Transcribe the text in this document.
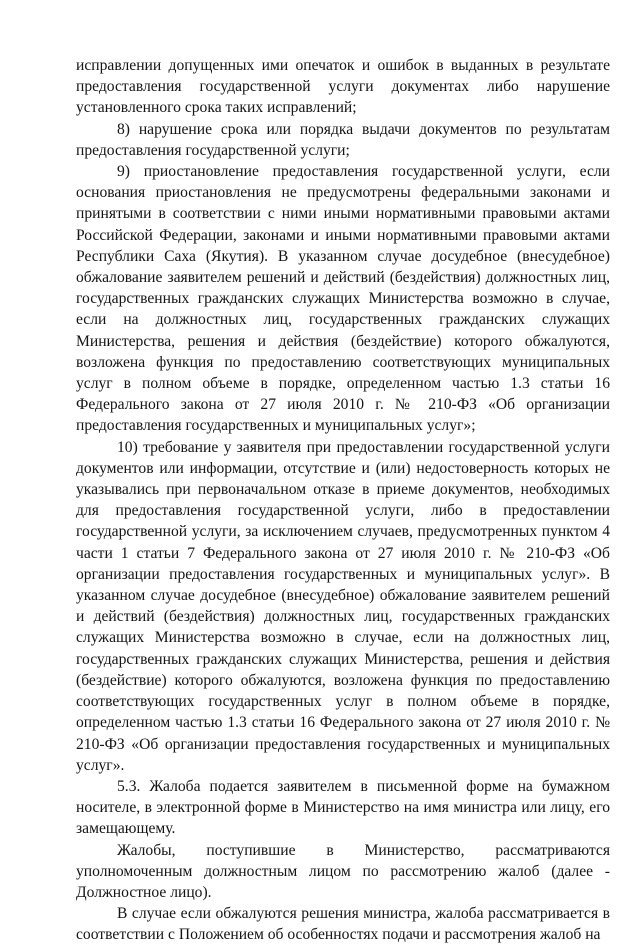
исправлении допущенных ими опечаток и ошибок в выданных в результате предоставления государственной услуги документах либо нарушение установленного срока таких исправлений;

8) нарушение срока или порядка выдачи документов по результатам предоставления государственной услуги;

9) приостановление предоставления государственной услуги, если основания приостановления не предусмотрены федеральными законами и принятыми в соответствии с ними иными нормативными правовыми актами Российской Федерации, законами и иными нормативными правовыми актами Республики Саха (Якутия). В указанном случае досудебное (внесудебное) обжалование заявителем решений и действий (бездействия) должностных лиц, государственных гражданских служащих Министерства возможно в случае, если на должностных лиц, государственных гражданских служащих Министерства, решения и действия (бездействие) которого обжалуются, возложена функция по предоставлению соответствующих муниципальных услуг в полном объеме в порядке, определенном частью 1.3 статьи 16 Федерального закона от 27 июля 2010 г. № 210-ФЗ «Об организации предоставления государственных и муниципальных услуг»;

10) требование у заявителя при предоставлении государственной услуги документов или информации, отсутствие и (или) недостоверность которых не указывались при первоначальном отказе в приеме документов, необходимых для предоставления государственной услуги, либо в предоставлении государственной услуги, за исключением случаев, предусмотренных пунктом 4 части 1 статьи 7 Федерального закона от 27 июля 2010 г. № 210-ФЗ «Об организации предоставления государственных и муниципальных услуг». В указанном случае досудебное (внесудебное) обжалование заявителем решений и действий (бездействия) должностных лиц, государственных гражданских служащих Министерства возможно в случае, если на должностных лиц, государственных гражданских служащих Министерства, решения и действия (бездействие) которого обжалуются, возложена функция по предоставлению соответствующих государственных услуг в полном объеме в порядке, определенном частью 1.3 статьи 16 Федерального закона от 27 июля 2010 г. № 210-ФЗ «Об организации предоставления государственных и муниципальных услуг».

5.3. Жалоба подается заявителем в письменной форме на бумажном носителе, в электронной форме в Министерство на имя министра или лицу, его замещающему.

Жалобы, поступившие в Министерство, рассматриваются уполномоченным должностным лицом по рассмотрению жалоб (далее - Должностное лицо).

В случае если обжалуются решения министра, жалоба рассматривается в соответствии с Положением об особенностях подачи и рассмотрения жалоб на
